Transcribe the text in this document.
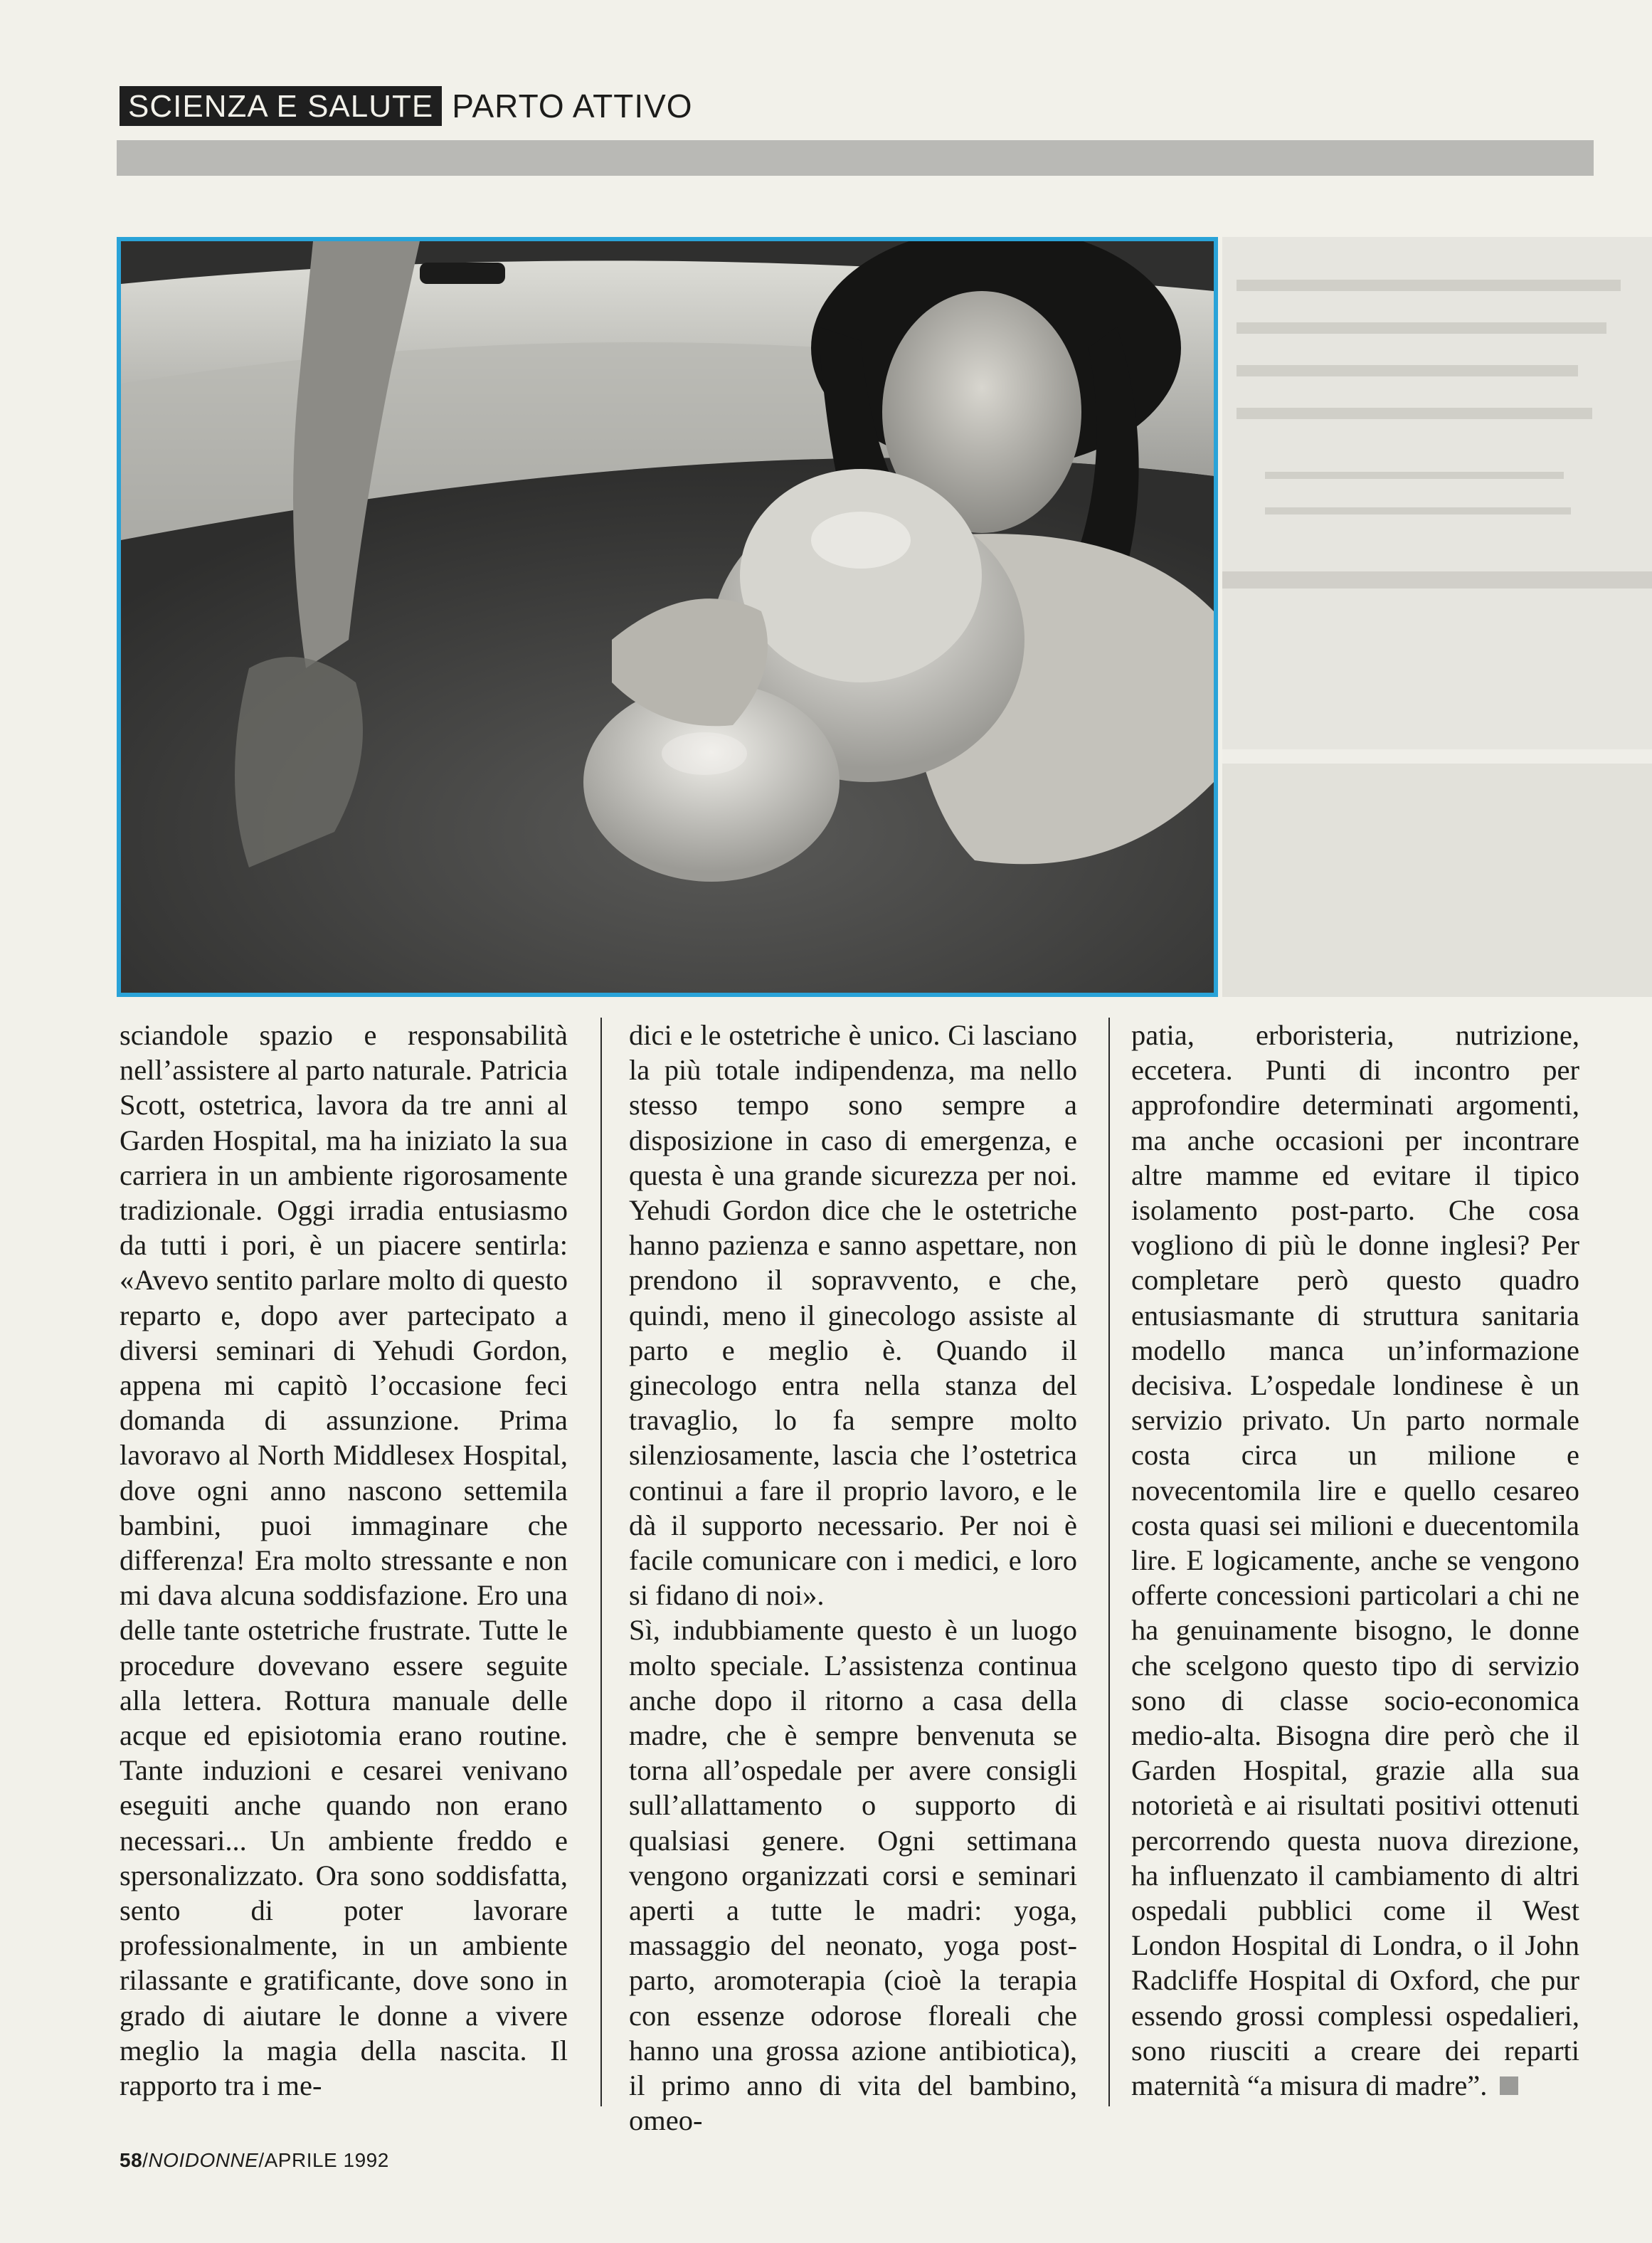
SCIENZA E SALUTE PARTO ATTIVO

sciandole spazio e responsabilità nell’assistere al parto naturale. Patricia Scott, ostetrica, lavora da tre anni al Garden Hospital, ma ha iniziato la sua carriera in un ambiente rigorosamente tradizionale. Oggi irradia entusiasmo da tutti i pori, è un piacere sentirla: «Avevo sentito parlare molto di questo reparto e, dopo aver partecipato a diversi seminari di Yehudi Gordon, appena mi capitò l’occasione feci domanda di assunzione. Prima lavoravo al North Middlesex Hospital, dove ogni anno nascono settemila bambini, puoi immaginare che differenza! Era molto stressante e non mi dava alcuna soddisfazione. Ero una delle tante ostetriche frustrate. Tutte le procedure dovevano essere seguite alla lettera. Rottura manuale delle acque ed episiotomia erano routine. Tante induzioni e cesarei venivano eseguiti anche quando non erano necessari... Un ambiente freddo e spersonalizzato. Ora sono soddisfatta, sento di poter lavorare professionalmente, in un ambiente rilassante e gratificante, dove sono in grado di aiutare le donne a vivere meglio la magia della nascita. Il rapporto tra i me-

dici e le ostetriche è unico. Ci lasciano la più totale indipendenza, ma nello stesso tempo sono sempre a disposizione in caso di emergenza, e questa è una grande sicurezza per noi. Yehudi Gordon dice che le ostetriche hanno pazienza e sanno aspettare, non prendono il sopravvento, e che, quindi, meno il ginecologo assiste al parto e meglio è. Quando il ginecologo entra nella stanza del travaglio, lo fa sempre molto silenziosamente, lascia che l’ostetrica continui a fare il proprio lavoro, e le dà il supporto necessario. Per noi è facile comunicare con i medici, e loro si fidano di noi».

Sì, indubbiamente questo è un luogo molto speciale. L’assistenza continua anche dopo il ritorno a casa della madre, che è sempre benvenuta se torna all’ospedale per avere consigli sull’allattamento o supporto di qualsiasi genere. Ogni settimana vengono organizzati corsi e seminari aperti a tutte le madri: yoga, massaggio del neonato, yoga post-parto, aromoterapia (cioè la terapia con essenze odorose floreali che hanno una grossa azione antibiotica), il primo anno di vita del bambino, omeo-

patia, erboristeria, nutrizione, eccetera. Punti di incontro per approfondire determinati argomenti, ma anche occasioni per incontrare altre mamme ed evitare il tipico isolamento post-parto. Che cosa vogliono di più le donne inglesi? Per completare però questo quadro entusiasmante di struttura sanitaria modello manca un’informazione decisiva. L’ospedale londinese è un servizio privato. Un parto normale costa circa un milione e novecentomila lire e quello cesareo costa quasi sei milioni e duecentomila lire. E logicamente, anche se vengono offerte concessioni particolari a chi ne ha genuinamente bisogno, le donne che scelgono questo tipo di servizio sono di classe socio-economica medio-alta. Bisogna dire però che il Garden Hospital, grazie alla sua notorietà e ai risultati positivi ottenuti percorrendo questa nuova direzione, ha influenzato il cambiamento di altri ospedali pubblici come il West London Hospital di Londra, o il John Radcliffe Hospital di Oxford, che pur essendo grossi complessi ospedalieri, sono riusciti a creare dei reparti maternità “a misura di madre”.

58/NOIDONNE/APRILE 1992
